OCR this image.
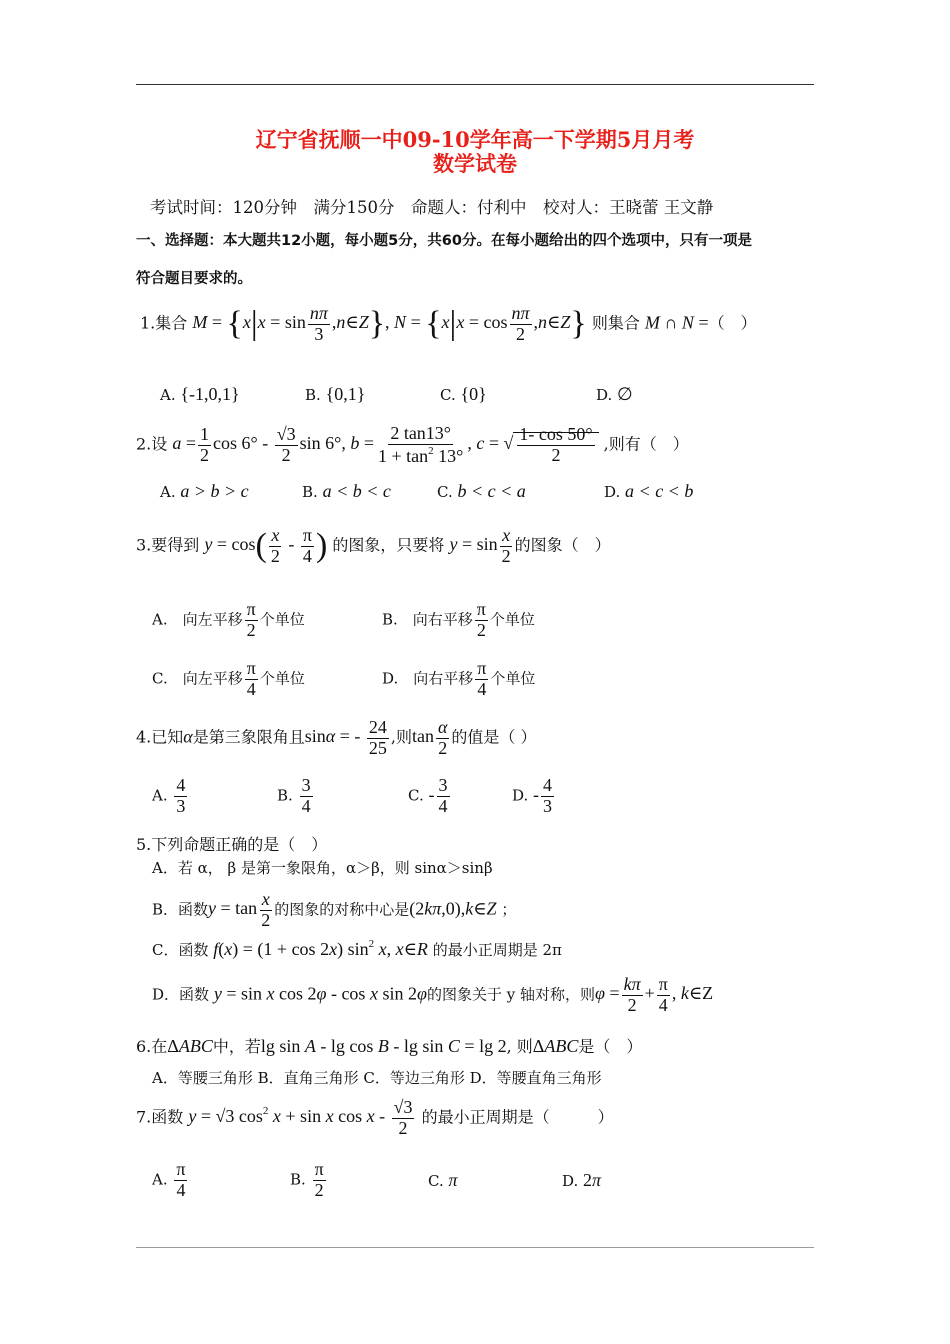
辽宁省抚顺一中09-10学年高一下学期5月月考
数学试卷
考试时间：120分钟　满分150分　命题人：付利中　校对人：王晓蕾 王文静
一、选择题：本大题共12小题，每小题5分，共60分。在每小题给出的四个选项中，只有一项是
符合题目要求的。
1.集合 $M = \{x|x = \sin \frac{n\pi}{3}$ ,n∈Z}, $N = \{x|x = \cos \frac{n\pi}{2}$ ,n∈Z} 则集合 M ∩ N =（　）
A. {-1,0,1}	B. {0,1}	C. {0}	D. ∅
2.设 $a = \frac{1}{2}$ $\cos 6^\circ - \frac{√3}{2}$ sin 6°, $b = \frac{2 \tan 13^\circ}{1 + \tan^2 13^\circ}$ , c = √ $\frac{1- \cos 50^\circ}{2}$ ,则有（　）
A. a > b > c	B. a < b < c	C. b < c < a	D. a < c < b
3.要得到 $y = \cos( \frac{x}{2} - \frac{\pi}{4}$ ) 的图象，只要将 $y = \sin \frac{x}{2}$ 的图象（　）
A.　向左平移 $\frac{\pi}{2}$ 个单位	B.　向右平移 $\frac{\pi}{2}$ 个单位
C.　向左平移 $\frac{\pi}{4}$ 个单位	D.　向右平移 $\frac{\pi}{4}$ 个单位
4.已知α是第三象限角且sinα = - $\frac{24}{25}$ ,则$\tan \frac{\alpha}{2}$ 的值是（ ）
A. $\frac{4}{3}$	B. $\frac{3}{4}$	C. - $\frac{3}{4}$	D. - $\frac{4}{3}$
5.下列命题正确的是（　）
A．若 α， β 是第一象限角，α＞β，则 sinα＞sinβ
B．函数$y = \tan \frac{x}{2}$ 的图象的对称中心是(2kπ,0),k∈Z ；
C．函数 f(x) = (1 + cos 2x) $\sin^2 x$, x∈R 的最小正周期是 2π
D．函数 y = sin x cos 2φ - cos x sin 2φ的图象关于 y 轴对称，则$\varphi = \frac{k\pi}{2} + \frac{\pi}{4}$ , k∈Z
6.在ΔABC中，若lg sin A - lg cos B - lg sin C = lg 2, 则ΔABC是（　）
A．等腰三角形 B．直角三角形 C．等边三角形 D．等腰直角三角形
7.函数 y = √3 $\cos^2 x + \sin x$ cos x - $\frac{√3}{2}$ 的最小正周期是（　　　）
A. $\frac{\pi}{4}$	B. $\frac{\pi}{2}$	C. π	D. 2π
